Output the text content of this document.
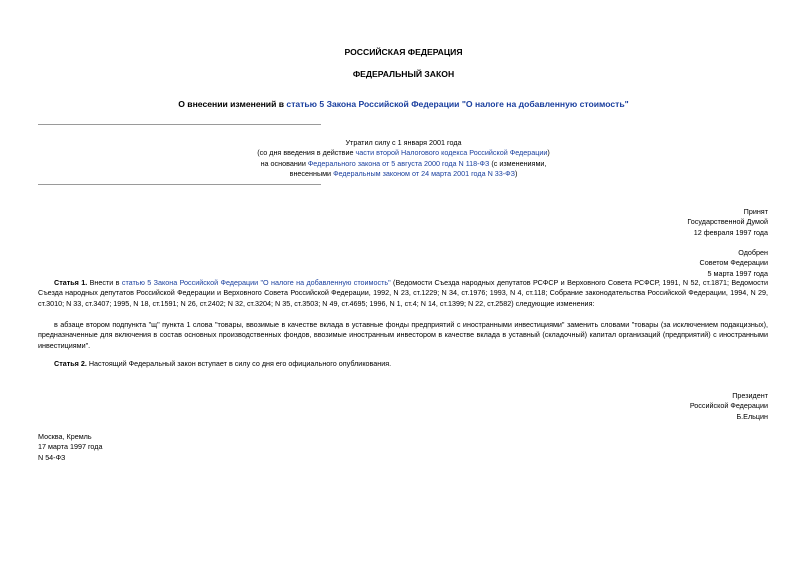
РОССИЙСКАЯ ФЕДЕРАЦИЯ
ФЕДЕРАЛЬНЫЙ ЗАКОН
О внесении изменений в статью 5 Закона Российской Федерации "О налоге на добавленную стоимость"
Утратил силу с 1 января 2001 года
(со дня введения в действие части второй Налогового кодекса Российской Федерации)
на основании Федерального закона от 5 августа 2000 года N 118-ФЗ (с изменениями,
внесенными Федеральным законом от 24 марта 2001 года N 33-ФЗ)
Принят
Государственной Думой
12 февраля 1997 года
Одобрен
Советом Федерации
5 марта 1997 года
Статья 1. Внести в статью 5 Закона Российской Федерации "О налоге на добавленную стоимость" (Ведомости Съезда народных депутатов РСФСР и Верховного Совета РСФСР, 1991, N 52, ст.1871; Ведомости Съезда народных депутатов Российской Федерации и Верховного Совета Российской Федерации, 1992, N 23, ст.1229; N 34, ст.1976; 1993, N 4, ст.118; Собрание законодательства Российской Федерации, 1994, N 29, ст.3010; N 33, ст.3407; 1995, N 18, ст.1591; N 26, ст.2402; N 32, ст.3204; N 35, ст.3503; N 49, ст.4695; 1996, N 1, ст.4; N 14, ст.1399; N 22, ст.2582) следующие изменения:
в абзаце втором подпункта "щ" пункта 1 слова "товары, ввозимые в качестве вклада в уставные фонды предприятий с иностранными инвестициями" заменить словами "товары (за исключением подакцизных), предназначенные для включения в состав основных производственных фондов, ввозимые иностранным инвестором в качестве вклада в уставный (складочный) капитал организаций (предприятий) с иностранными инвестициями".
Статья 2. Настоящий Федеральный закон вступает в силу со дня его официального опубликования.
Президент
Российской Федерации
Б.Ельцин
Москва, Кремль
17 марта 1997 года
N 54-ФЗ
